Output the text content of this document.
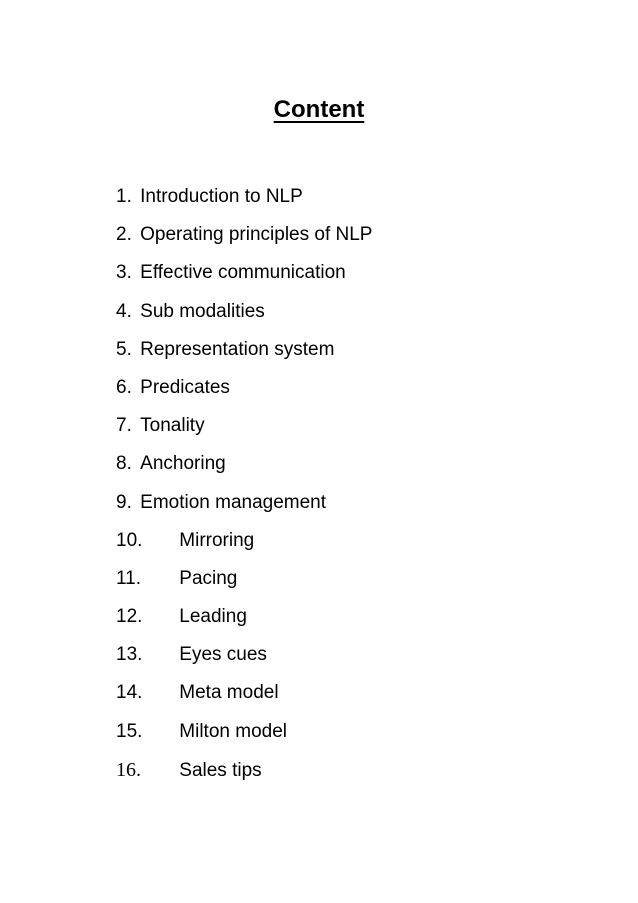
Content
1. Introduction to NLP
2. Operating principles of NLP
3. Effective communication
4. Sub modalities
5. Representation system
6. Predicates
7. Tonality
8. Anchoring
9. Emotion management
10. Mirroring
11. Pacing
12. Leading
13. Eyes cues
14. Meta model
15. Milton model
16. Sales tips
